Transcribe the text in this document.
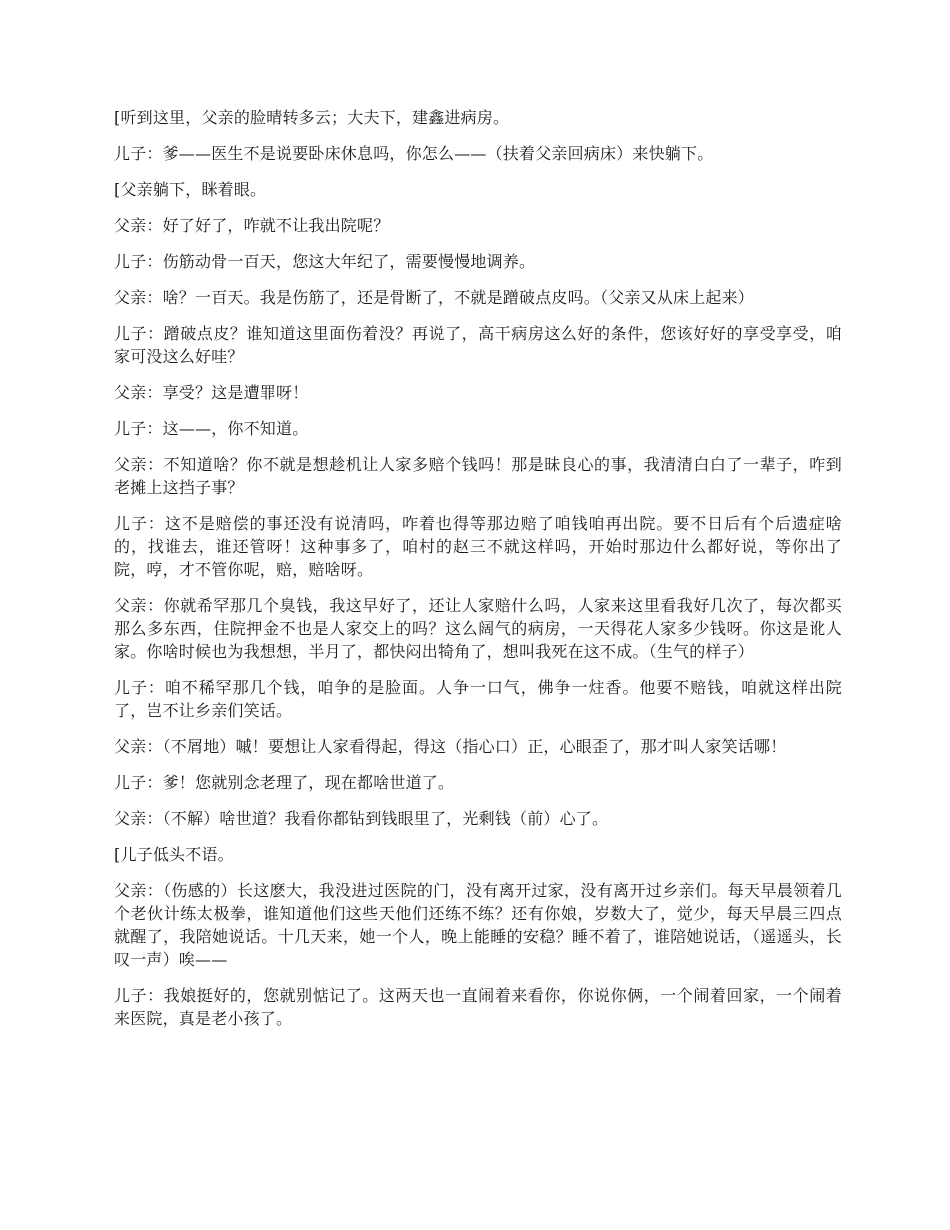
[听到这里，父亲的脸晴转多云；大夫下，建鑫进病房。

儿子：爹——医生不是说要卧床休息吗，你怎么——（扶着父亲回病床）来快躺下。

[父亲躺下，眯着眼。

父亲：好了好了，咋就不让我出院呢？

儿子：伤筋动骨一百天，您这大年纪了，需要慢慢地调养。

父亲：啥？一百天。我是伤筋了，还是骨断了，不就是蹭破点皮吗。（父亲又从床上起来）

儿子：蹭破点皮？谁知道这里面伤着没？再说了，高干病房这么好的条件，您该好好的享受享受，咱家可没这么好哇？

父亲：享受？这是遭罪呀！

儿子：这——，你不知道。

父亲：不知道啥？你不就是想趁机让人家多赔个钱吗！那是昧良心的事，我清清白白了一辈子，咋到老摊上这挡子事？

儿子：这不是赔偿的事还没有说清吗，咋着也得等那边赔了咱钱咱再出院。要不日后有个后遗症啥的，找谁去，谁还管呀！这种事多了，咱村的赵三不就这样吗，开始时那边什么都好说，等你出了院，哼，才不管你呢，赔，赔啥呀。

父亲：你就希罕那几个臭钱，我这早好了，还让人家赔什么吗，人家来这里看我好几次了，每次都买那么多东西，住院押金不也是人家交上的吗？这么阔气的病房，一天得花人家多少钱呀。你这是讹人家。你啥时候也为我想想，半月了，都快闷出犄角了，想叫我死在这不成。（生气的样子）

儿子：咱不稀罕那几个钱，咱争的是脸面。人争一口气，佛争一炷香。他要不赔钱，咱就这样出院了，岂不让乡亲们笑话。

父亲：（不屑地）嘁！要想让人家看得起，得这（指心口）正，心眼歪了，那才叫人家笑话哪！

儿子：爹！您就别念老理了，现在都啥世道了。

父亲：（不解）啥世道？我看你都钻到钱眼里了，光剩钱（前）心了。

[儿子低头不语。

父亲：（伤感的）长这麽大，我没进过医院的门，没有离开过家，没有离开过乡亲们。每天早晨领着几个老伙计练太极拳，谁知道他们这些天他们还练不练？还有你娘，岁数大了，觉少，每天早晨三四点就醒了，我陪她说话。十几天来，她一个人，晚上能睡的安稳？睡不着了，谁陪她说话，（遥遥头，长叹一声）唉——

儿子：我娘挺好的，您就别惦记了。这两天也一直闹着来看你，你说你俩，一个闹着回家，一个闹着来医院，真是老小孩了。
